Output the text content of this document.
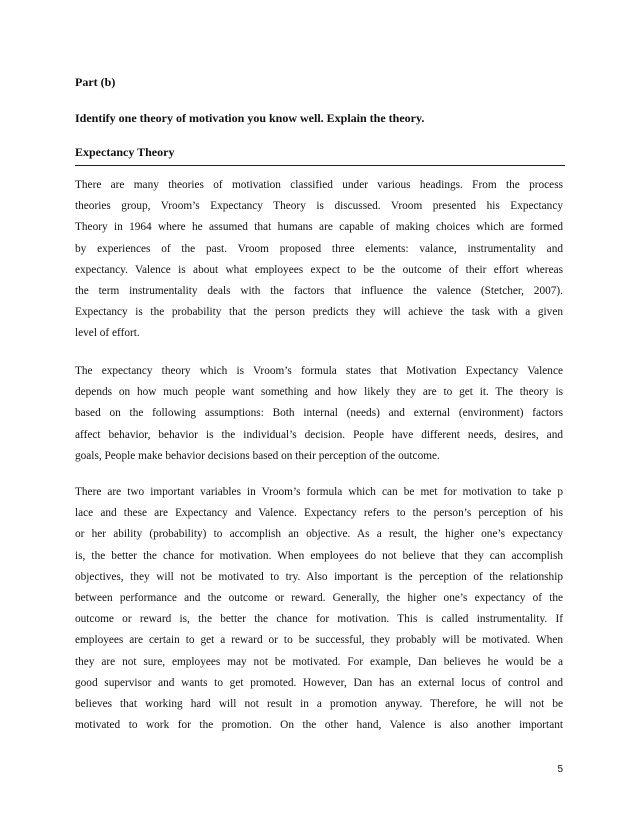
Part (b)
Identify one theory of motivation you know well. Explain the theory.
Expectancy Theory
There are many theories of motivation classified under various headings. From the process
theories group, Vroom’s Expectancy Theory is discussed. Vroom presented his Expectancy
Theory in 1964 where he assumed that humans are capable of making choices which are formed
by experiences of the past. Vroom proposed three elements: valance, instrumentality and
expectancy. Valence is about what employees expect to be the outcome of their effort whereas
the term instrumentality deals with the factors that influence the valence (Stetcher, 2007).
Expectancy is the probability that the person predicts they will achieve the task with a given
level of effort.
The expectancy theory which is Vroom’s formula states that Motivation Expectancy Valence
depends on how much people want something and how likely they are to get it. The theory is
based on the following assumptions: Both internal (needs) and external (environment) factors
affect behavior, behavior is the individual’s decision. People have different needs, desires, and
goals, People make behavior decisions based on their perception of the outcome.
There are two important variables in Vroom’s formula which can be met for motivation to take p
lace and these are Expectancy and Valence. Expectancy refers to the person’s perception of his
or her ability (probability) to accomplish an objective. As a result, the higher one’s expectancy
is, the better the chance for motivation. When employees do not believe that they can accomplish
objectives, they will not be motivated to try. Also important is the perception of the relationship
between performance and the outcome or reward. Generally, the higher one’s expectancy of the
outcome or reward is, the better the chance for motivation. This is called instrumentality. If
employees are certain to get a reward or to be successful, they probably will be motivated. When
they are not sure, employees may not be motivated. For example, Dan believes he would be a
good supervisor and wants to get promoted. However, Dan has an external locus of control and
believes that working hard will not result in a promotion anyway. Therefore, he will not be
motivated to work for the promotion. On the other hand, Valence is also another important
5
